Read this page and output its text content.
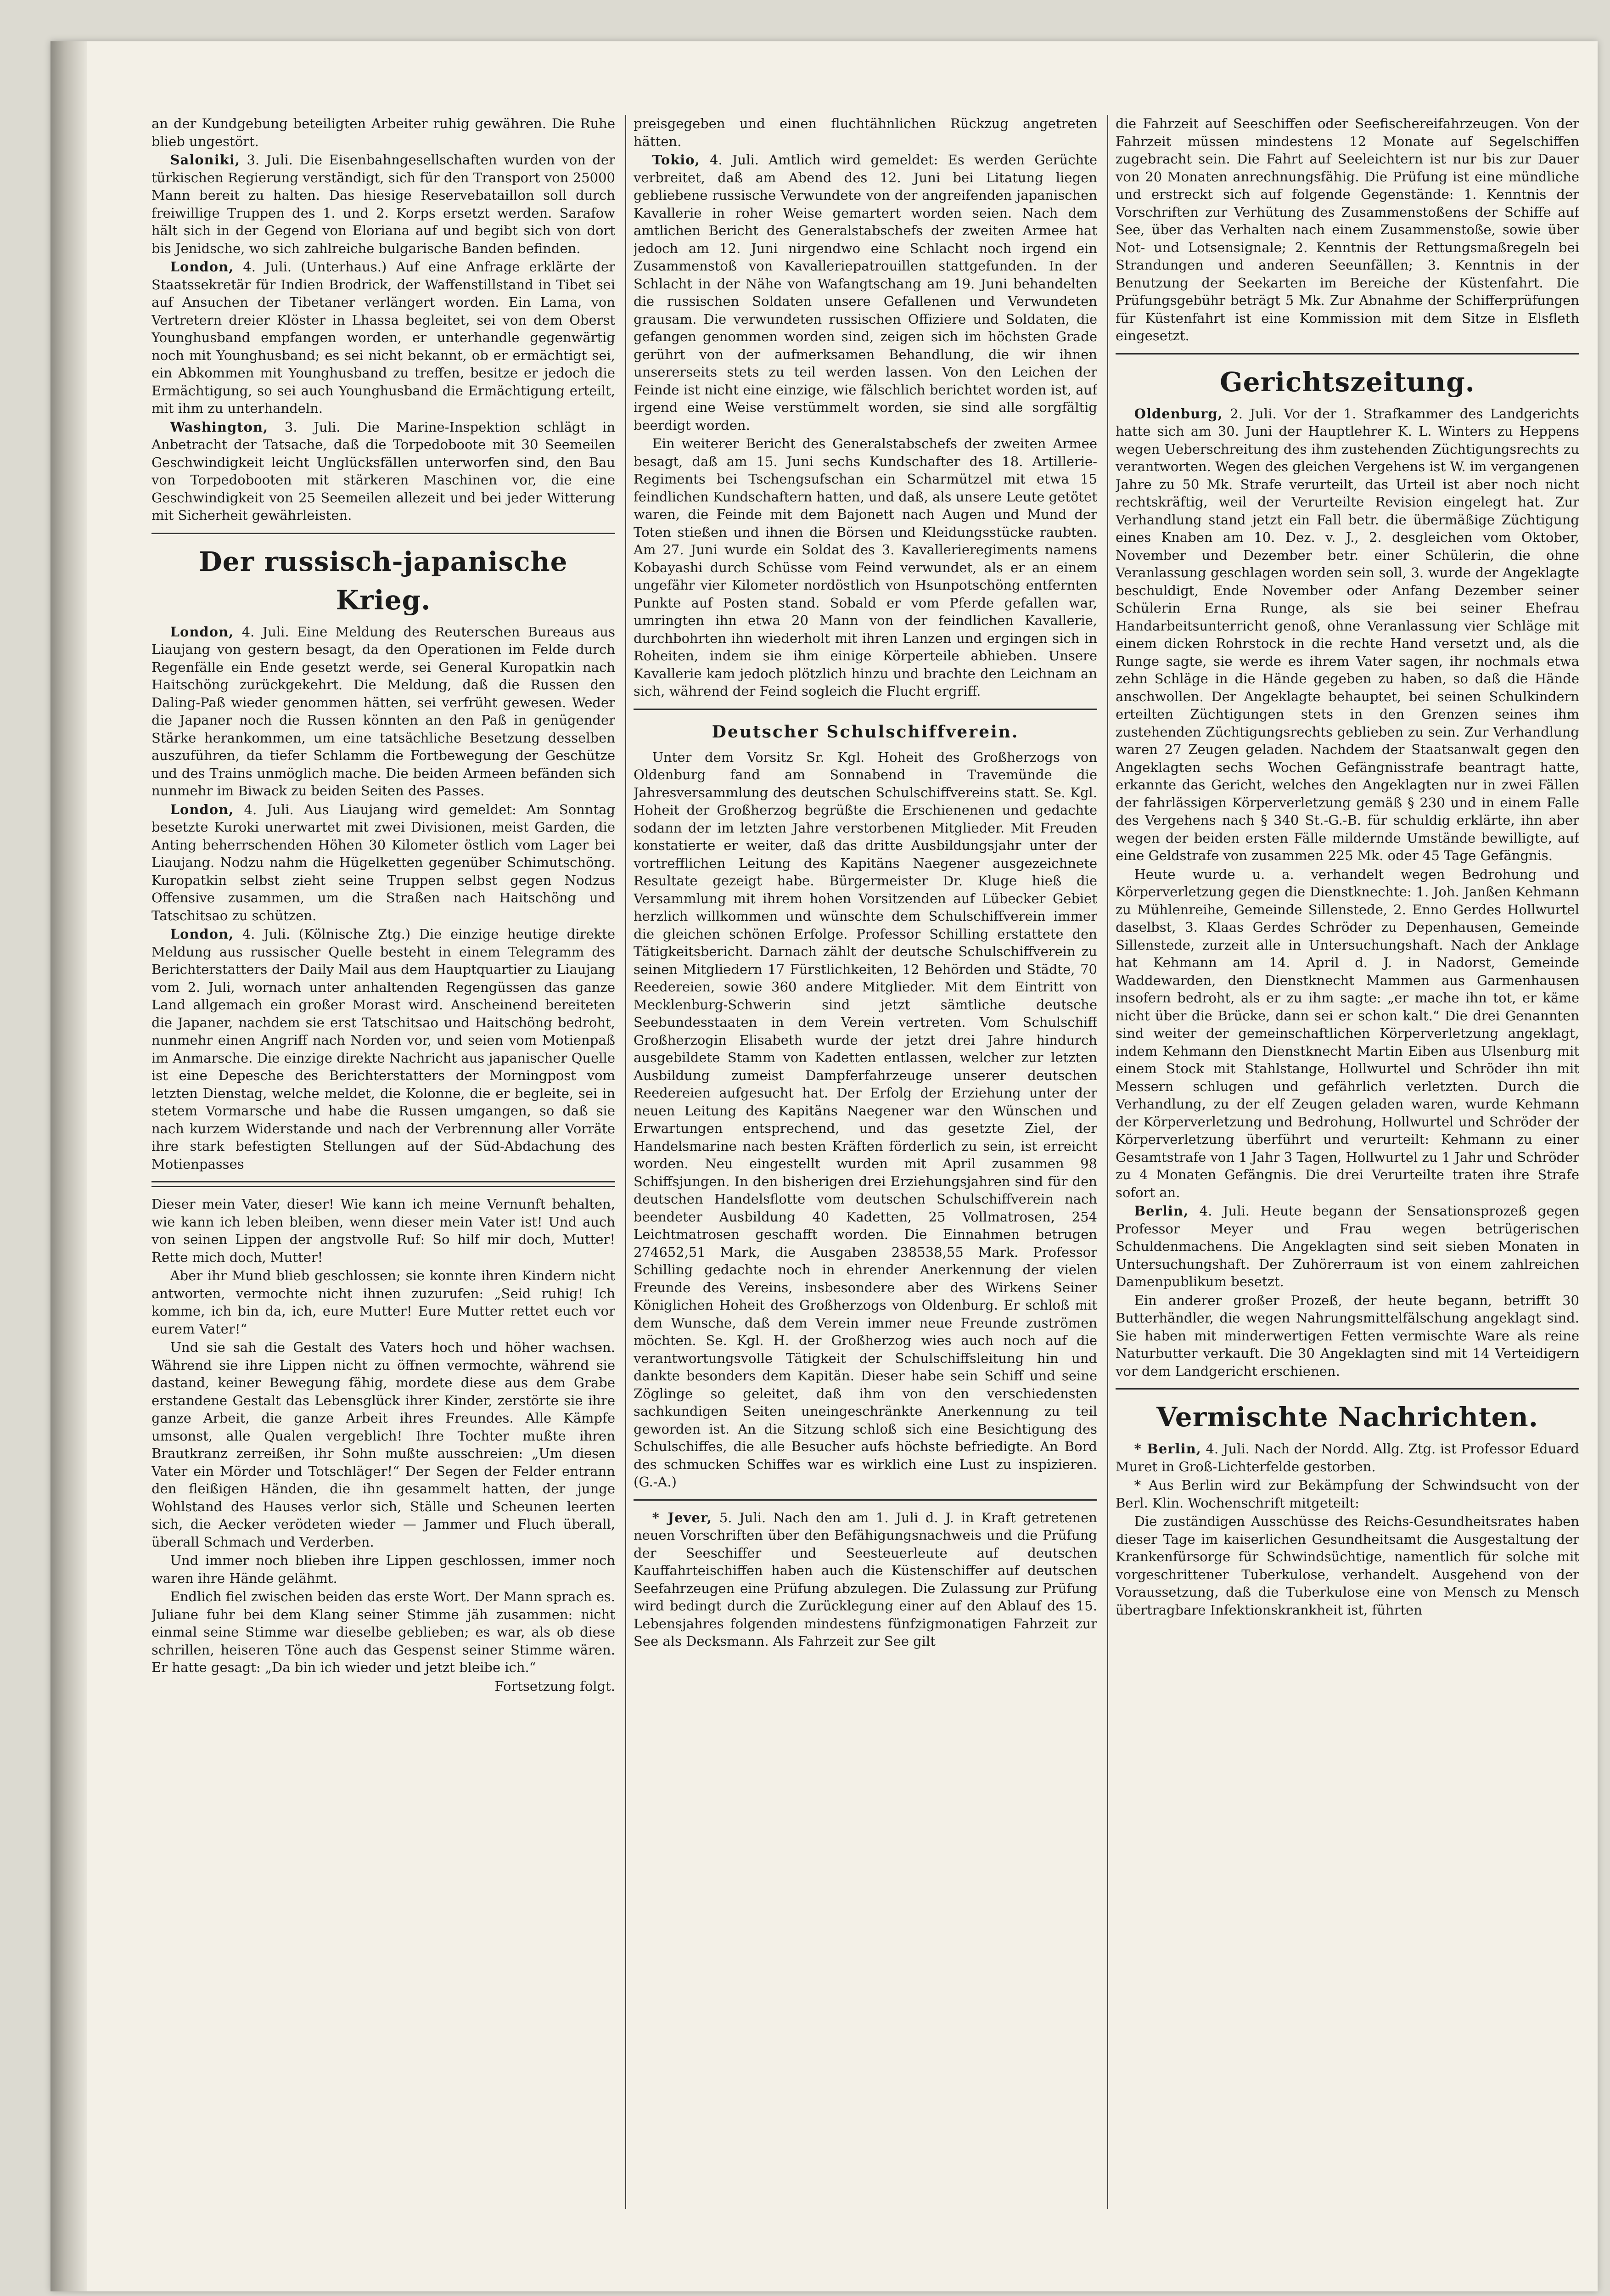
an der Kundgebung beteiligten Arbeiter ruhig gewähren. Die Ruhe blieb ungestört.

Saloniki, 3. Juli. Die Eisenbahngesellschaften wurden von der türkischen Regierung verständigt, sich für den Transport von 25000 Mann bereit zu halten. Das hiesige Reservebataillon soll durch freiwillige Truppen des 1. und 2. Korps ersetzt werden. Sarafow hält sich in der Gegend von Eloriana auf und begibt sich von dort bis Jenidsche, wo sich zahlreiche bulgarische Banden befinden.

London, 4. Juli. (Unterhaus.) Auf eine Anfrage erklärte der Staatssekretär für Indien Brodrick, der Waffenstillstand in Tibet sei auf Ansuchen der Tibetaner verlängert worden. Ein Lama, von Vertretern dreier Klöster in Lhassa begleitet, sei von dem Oberst Younghusband empfangen worden, er unterhandle gegenwärtig noch mit Younghusband; es sei nicht bekannt, ob er ermächtigt sei, ein Abkommen mit Younghusband zu treffen, besitze er jedoch die Ermächtigung, so sei auch Younghusband die Ermächtigung erteilt, mit ihm zu unterhandeln.

Washington, 3. Juli. Die Marine-Inspektion schlägt in Anbetracht der Tatsache, daß die Torpedoboote mit 30 Seemeilen Geschwindigkeit leicht Unglücksfällen unterworfen sind, den Bau von Torpedobooten mit stärkeren Maschinen vor, die eine Geschwindigkeit von 25 Seemeilen allezeit und bei jeder Witterung mit Sicherheit gewährleisten.

Der russisch-japanische Krieg.

London, 4. Juli. Eine Meldung des Reuterschen Bureaus aus Liaujang von gestern besagt, da den Operationen im Felde durch Regenfälle ein Ende gesetzt werde, sei General Kuropatkin nach Haitschöng zurückgekehrt. Die Meldung, daß die Russen den Daling-Paß wieder genommen hätten, sei verfrüht gewesen. Weder die Japaner noch die Russen könnten an den Paß in genügender Stärke herankommen, um eine tatsächliche Besetzung desselben auszuführen, da tiefer Schlamm die Fortbewegung der Geschütze und des Trains unmöglich mache. Die beiden Armeen befänden sich nunmehr im Biwack zu beiden Seiten des Passes.

London, 4. Juli. Aus Liaujang wird gemeldet: Am Sonntag besetzte Kuroki unerwartet mit zwei Divisionen, meist Garden, die Anting beherrschenden Höhen 30 Kilometer östlich vom Lager bei Liaujang. Nodzu nahm die Hügelketten gegenüber Schimutschöng. Kuropatkin selbst zieht seine Truppen selbst gegen Nodzus Offensive zusammen, um die Straßen nach Haitschöng und Tatschitsao zu schützen.

London, 4. Juli. (Kölnische Ztg.) Die einzige heutige direkte Meldung aus russischer Quelle besteht in einem Telegramm des Berichterstatters der Daily Mail aus dem Hauptquartier zu Liaujang vom 2. Juli, wornach unter anhaltenden Regengüssen das ganze Land allgemach ein großer Morast wird. Anscheinend bereiteten die Japaner, nachdem sie erst Tatschitsao und Haitschöng bedroht, nunmehr einen Angriff nach Norden vor, und seien vom Motienpaß im Anmarsche. Die einzige direkte Nachricht aus japanischer Quelle ist eine Depesche des Berichterstatters der Morningpost vom letzten Dienstag, welche meldet, die Kolonne, die er begleite, sei in stetem Vormarsche und habe die Russen umgangen, so daß sie nach kurzem Widerstande und nach der Verbrennung aller Vorräte ihre stark befestigten Stellungen auf der Süd-Abdachung des Motienpasses

Dieser mein Vater, dieser! Wie kann ich meine Vernunft behalten, wie kann ich leben bleiben, wenn dieser mein Vater ist! Und auch von seinen Lippen der angstvolle Ruf: So hilf mir doch, Mutter! Rette mich doch, Mutter!

Aber ihr Mund blieb geschlossen; sie konnte ihren Kindern nicht antworten, vermochte nicht ihnen zuzurufen: „Seid ruhig! Ich komme, ich bin da, ich, eure Mutter! Eure Mutter rettet euch vor eurem Vater!“

Und sie sah die Gestalt des Vaters hoch und höher wachsen. Während sie ihre Lippen nicht zu öffnen vermochte, während sie dastand, keiner Bewegung fähig, mordete diese aus dem Grabe erstandene Gestalt das Lebensglück ihrer Kinder, zerstörte sie ihre ganze Arbeit, die ganze Arbeit ihres Freundes. Alle Kämpfe umsonst, alle Qualen vergeblich! Ihre Tochter mußte ihren Brautkranz zerreißen, ihr Sohn mußte ausschreien: „Um diesen Vater ein Mörder und Totschläger!“ Der Segen der Felder entrann den fleißigen Händen, die ihn gesammelt hatten, der junge Wohlstand des Hauses verlor sich, Ställe und Scheunen leerten sich, die Aecker verödeten wieder — Jammer und Fluch überall, überall Schmach und Verderben.

Und immer noch blieben ihre Lippen geschlossen, immer noch waren ihre Hände gelähmt.

Endlich fiel zwischen beiden das erste Wort. Der Mann sprach es. Juliane fuhr bei dem Klang seiner Stimme jäh zusammen: nicht einmal seine Stimme war dieselbe geblieben; es war, als ob diese schrillen, heiseren Töne auch das Gespenst seiner Stimme wären. Er hatte gesagt: „Da bin ich wieder und jetzt bleibe ich.“

Fortsetzung folgt.

preisgegeben und einen fluchtähnlichen Rückzug angetreten hätten.

Tokio, 4. Juli. Amtlich wird gemeldet: Es werden Gerüchte verbreitet, daß am Abend des 12. Juni bei Litatung liegen gebliebene russische Verwundete von der angreifenden japanischen Kavallerie in roher Weise gemartert worden seien. Nach dem amtlichen Bericht des Generalstabschefs der zweiten Armee hat jedoch am 12. Juni nirgendwo eine Schlacht noch irgend ein Zusammenstoß von Kavalleriepatrouillen stattgefunden. In der Schlacht in der Nähe von Wafangtschang am 19. Juni behandelten die russischen Soldaten unsere Gefallenen und Verwundeten grausam. Die verwundeten russischen Offiziere und Soldaten, die gefangen genommen worden sind, zeigen sich im höchsten Grade gerührt von der aufmerksamen Behandlung, die wir ihnen unsererseits stets zu teil werden lassen. Von den Leichen der Feinde ist nicht eine einzige, wie fälschlich berichtet worden ist, auf irgend eine Weise verstümmelt worden, sie sind alle sorgfältig beerdigt worden.

Ein weiterer Bericht des Generalstabschefs der zweiten Armee besagt, daß am 15. Juni sechs Kundschafter des 18. Artillerie-Regiments bei Tschengsufschan ein Scharmützel mit etwa 15 feindlichen Kundschaftern hatten, und daß, als unsere Leute getötet waren, die Feinde mit dem Bajonett nach Augen und Mund der Toten stießen und ihnen die Börsen und Kleidungsstücke raubten. Am 27. Juni wurde ein Soldat des 3. Kavallerieregiments namens Kobayashi durch Schüsse vom Feind verwundet, als er an einem ungefähr vier Kilometer nordöstlich von Hsunpotschöng entfernten Punkte auf Posten stand. Sobald er vom Pferde gefallen war, umringten ihn etwa 20 Mann von der feindlichen Kavallerie, durchbohrten ihn wiederholt mit ihren Lanzen und ergingen sich in Roheiten, indem sie ihm einige Körperteile abhieben. Unsere Kavallerie kam jedoch plötzlich hinzu und brachte den Leichnam an sich, während der Feind sogleich die Flucht ergriff.

Deutscher Schulschiffverein.

Unter dem Vorsitz Sr. Kgl. Hoheit des Großherzogs von Oldenburg fand am Sonnabend in Travemünde die Jahresversammlung des deutschen Schulschiffvereins statt. Se. Kgl. Hoheit der Großherzog begrüßte die Erschienenen und gedachte sodann der im letzten Jahre verstorbenen Mitglieder. Mit Freuden konstatierte er weiter, daß das dritte Ausbildungsjahr unter der vortrefflichen Leitung des Kapitäns Naegener ausgezeichnete Resultate gezeigt habe. Bürgermeister Dr. Kluge hieß die Versammlung mit ihrem hohen Vorsitzenden auf Lübecker Gebiet herzlich willkommen und wünschte dem Schulschiffverein immer die gleichen schönen Erfolge. Professor Schilling erstattete den Tätigkeitsbericht. Darnach zählt der deutsche Schulschiffverein zu seinen Mitgliedern 17 Fürstlichkeiten, 12 Behörden und Städte, 70 Reedereien, sowie 360 andere Mitglieder. Mit dem Eintritt von Mecklenburg-Schwerin sind jetzt sämtliche deutsche Seebundesstaaten in dem Verein vertreten. Vom Schulschiff Großherzogin Elisabeth wurde der jetzt drei Jahre hindurch ausgebildete Stamm von Kadetten entlassen, welcher zur letzten Ausbildung zumeist Dampferfahrzeuge unserer deutschen Reedereien aufgesucht hat. Der Erfolg der Erziehung unter der neuen Leitung des Kapitäns Naegener war den Wünschen und Erwartungen entsprechend, und das gesetzte Ziel, der Handelsmarine nach besten Kräften förderlich zu sein, ist erreicht worden. Neu eingestellt wurden mit April zusammen 98 Schiffsjungen. In den bisherigen drei Erziehungsjahren sind für den deutschen Handelsflotte vom deutschen Schulschiffverein nach beendeter Ausbildung 40 Kadetten, 25 Vollmatrosen, 254 Leichtmatrosen geschafft worden. Die Einnahmen betrugen 274652,51 Mark, die Ausgaben 238538,55 Mark. Professor Schilling gedachte noch in ehrender Anerkennung der vielen Freunde des Vereins, insbesondere aber des Wirkens Seiner Königlichen Hoheit des Großherzogs von Oldenburg. Er schloß mit dem Wunsche, daß dem Verein immer neue Freunde zuströmen möchten. Se. Kgl. H. der Großherzog wies auch noch auf die verantwortungsvolle Tätigkeit der Schulschiffsleitung hin und dankte besonders dem Kapitän. Dieser habe sein Schiff und seine Zöglinge so geleitet, daß ihm von den verschiedensten sachkundigen Seiten uneingeschränkte Anerkennung zu teil geworden ist. An die Sitzung schloß sich eine Besichtigung des Schulschiffes, die alle Besucher aufs höchste befriedigte. An Bord des schmucken Schiffes war es wirklich eine Lust zu inspizieren. (G.-A.)

* Jever, 5. Juli. Nach den am 1. Juli d. J. in Kraft getretenen neuen Vorschriften über den Befähigungsnachweis und die Prüfung der Seeschiffer und Seesteuerleute auf deutschen Kauffahrteischiffen haben auch die Küstenschiffer auf deutschen Seefahrzeugen eine Prüfung abzulegen. Die Zulassung zur Prüfung wird bedingt durch die Zurücklegung einer auf den Ablauf des 15. Lebensjahres folgenden mindestens fünfzigmonatigen Fahrzeit zur See als Decksmann. Als Fahrzeit zur See gilt

die Fahrzeit auf Seeschiffen oder Seefischereifahrzeugen. Von der Fahrzeit müssen mindestens 12 Monate auf Segelschiffen zugebracht sein. Die Fahrt auf Seeleichtern ist nur bis zur Dauer von 20 Monaten anrechnungsfähig. Die Prüfung ist eine mündliche und erstreckt sich auf folgende Gegenstände: 1. Kenntnis der Vorschriften zur Verhütung des Zusammenstoßens der Schiffe auf See, über das Verhalten nach einem Zusammenstoße, sowie über Not- und Lotsensignale; 2. Kenntnis der Rettungsmaßregeln bei Strandungen und anderen Seeunfällen; 3. Kenntnis in der Benutzung der Seekarten im Bereiche der Küstenfahrt. Die Prüfungsgebühr beträgt 5 Mk. Zur Abnahme der Schifferprüfungen für Küstenfahrt ist eine Kommission mit dem Sitze in Elsfleth eingesetzt.

Gerichtszeitung.

Oldenburg, 2. Juli. Vor der 1. Strafkammer des Landgerichts hatte sich am 30. Juni der Hauptlehrer K. L. Winters zu Heppens wegen Ueberschreitung des ihm zustehenden Züchtigungsrechts zu verantworten. Wegen des gleichen Vergehens ist W. im vergangenen Jahre zu 50 Mk. Strafe verurteilt, das Urteil ist aber noch nicht rechtskräftig, weil der Verurteilte Revision eingelegt hat. Zur Verhandlung stand jetzt ein Fall betr. die übermäßige Züchtigung eines Knaben am 10. Dez. v. J., 2. desgleichen vom Oktober, November und Dezember betr. einer Schülerin, die ohne Veranlassung geschlagen worden sein soll, 3. wurde der Angeklagte beschuldigt, Ende November oder Anfang Dezember seiner Schülerin Erna Runge, als sie bei seiner Ehefrau Handarbeitsunterricht genoß, ohne Veranlassung vier Schläge mit einem dicken Rohrstock in die rechte Hand versetzt und, als die Runge sagte, sie werde es ihrem Vater sagen, ihr nochmals etwa zehn Schläge in die Hände gegeben zu haben, so daß die Hände anschwollen. Der Angeklagte behauptet, bei seinen Schulkindern erteilten Züchtigungen stets in den Grenzen seines ihm zustehenden Züchtigungsrechts geblieben zu sein. Zur Verhandlung waren 27 Zeugen geladen. Nachdem der Staatsanwalt gegen den Angeklagten sechs Wochen Gefängnisstrafe beantragt hatte, erkannte das Gericht, welches den Angeklagten nur in zwei Fällen der fahrlässigen Körperverletzung gemäß § 230 und in einem Falle des Vergehens nach § 340 St.-G.-B. für schuldig erklärte, ihn aber wegen der beiden ersten Fälle mildernde Umstände bewilligte, auf eine Geldstrafe von zusammen 225 Mk. oder 45 Tage Gefängnis.

Heute wurde u. a. verhandelt wegen Bedrohung und Körperverletzung gegen die Dienstknechte: 1. Joh. Janßen Kehmann zu Mühlenreihe, Gemeinde Sillenstede, 2. Enno Gerdes Hollwurtel daselbst, 3. Klaas Gerdes Schröder zu Depenhausen, Gemeinde Sillenstede, zurzeit alle in Untersuchungshaft. Nach der Anklage hat Kehmann am 14. April d. J. in Nadorst, Gemeinde Waddewarden, den Dienstknecht Mammen aus Garmenhausen insofern bedroht, als er zu ihm sagte: „er mache ihn tot, er käme nicht über die Brücke, dann sei er schon kalt.“ Die drei Genannten sind weiter der gemeinschaftlichen Körperverletzung angeklagt, indem Kehmann den Dienstknecht Martin Eiben aus Ulsenburg mit einem Stock mit Stahlstange, Hollwurtel und Schröder ihn mit Messern schlugen und gefährlich verletzten. Durch die Verhandlung, zu der elf Zeugen geladen waren, wurde Kehmann der Körperverletzung und Bedrohung, Hollwurtel und Schröder der Körperverletzung überführt und verurteilt: Kehmann zu einer Gesamtstrafe von 1 Jahr 3 Tagen, Hollwurtel zu 1 Jahr und Schröder zu 4 Monaten Gefängnis. Die drei Verurteilte traten ihre Strafe sofort an.

Berlin, 4. Juli. Heute begann der Sensationsprozeß gegen Professor Meyer und Frau wegen betrügerischen Schuldenmachens. Die Angeklagten sind seit sieben Monaten in Untersuchungshaft. Der Zuhörerraum ist von einem zahlreichen Damenpublikum besetzt.

Ein anderer großer Prozeß, der heute begann, betrifft 30 Butterhändler, die wegen Nahrungsmittelfälschung angeklagt sind. Sie haben mit minderwertigen Fetten vermischte Ware als reine Naturbutter verkauft. Die 30 Angeklagten sind mit 14 Verteidigern vor dem Landgericht erschienen.

Vermischte Nachrichten.

* Berlin, 4. Juli. Nach der Nordd. Allg. Ztg. ist Professor Eduard Muret in Groß-Lichterfelde gestorben.

* Aus Berlin wird zur Bekämpfung der Schwindsucht von der Berl. Klin. Wochenschrift mitgeteilt:

Die zuständigen Ausschüsse des Reichs-Gesundheitsrates haben dieser Tage im kaiserlichen Gesundheitsamt die Ausgestaltung der Krankenfürsorge für Schwindsüchtige, namentlich für solche mit vorgeschrittener Tuberkulose, verhandelt. Ausgehend von der Voraussetzung, daß die Tuberkulose eine von Mensch zu Mensch übertragbare Infektionskrankheit ist, führten
